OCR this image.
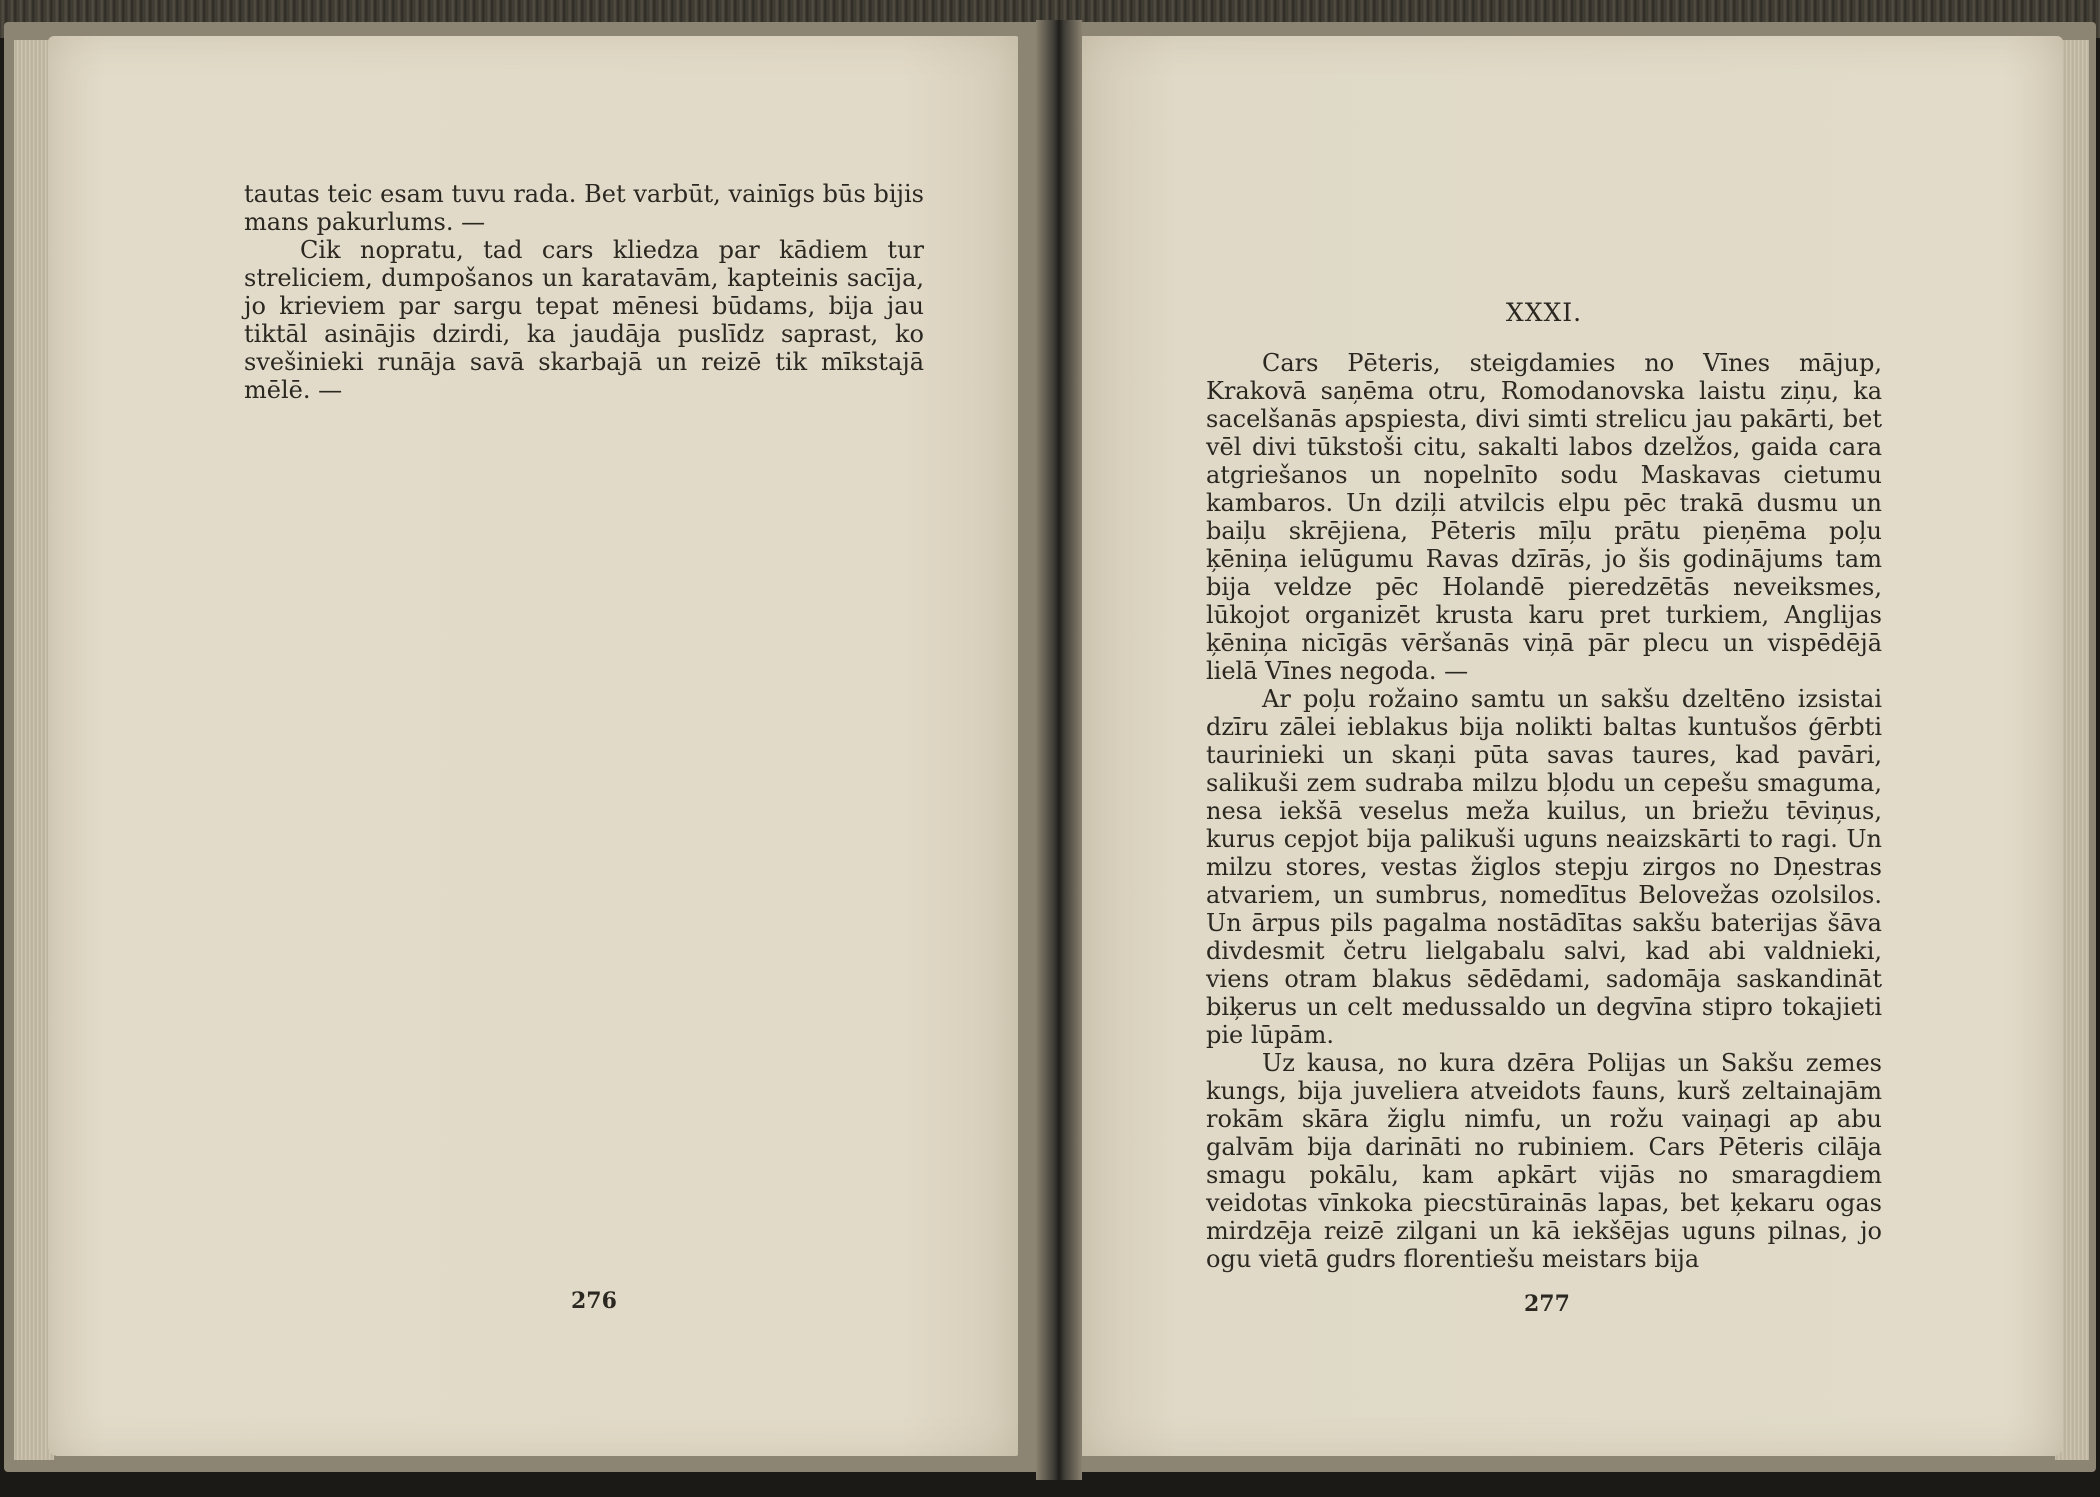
tautas teic esam tuvu rada. Bet varbūt, vainīgs būs bijis mans pakurlums. —

Cik nopratu, tad cars kliedza par kādiem tur streliciem, dumpošanos un karatavām, kapteinis sacīja, jo krieviem par sargu tepat mēnesi būdams, bija jau tiktāl asinājis dzirdi, ka jaudāja puslīdz saprast, ko svešinieki runāja savā skarbajā un reizē tik mīkstajā mēlē. —

276
XXXI.

Cars Pēteris, steigdamies no Vīnes mājup, Krakovā saņēma otru, Romodanovska laistu ziņu, ka sacelšanās apspiesta, divi simti strelicu jau pakārti, bet vēl divi tūkstoši citu, sakalti labos dzelžos, gaida cara atgriešanos un nopelnīto sodu Maskavas cietumu kambaros. Un dziļi atvilcis elpu pēc trakā dusmu un baiļu skrējiena, Pēteris mīļu prātu pieņēma poļu ķēniņa ielūgumu Ravas dzīrās, jo šis godinājums tam bija veldze pēc Holandē pieredzētās neveiksmes, lūkojot organizēt krusta karu pret turkiem, Anglijas ķēniņa nicīgās vēršanās viņā pār plecu un vispēdējā lielā Vīnes negoda. —

Ar poļu rožaino samtu un sakšu dzeltēno izsistai dzīru zālei ieblakus bija nolikti baltas kuntušos ģērbti taurinieki un skaņi pūta savas taures, kad pavāri, salikuši zem sudraba milzu bļodu un cepešu smaguma, nesa iekšā veselus meža kuilus, un briežu tēviņus, kurus cepjot bija palikuši uguns neaizskārti to ragi. Un milzu stores, vestas žiglos stepju zirgos no Dņestras atvariem, un sumbrus, nomedītus Belovežas ozolsilos. Un ārpus pils pagalma nostādītas sakšu baterijas šāva divdesmit četru lielgabalu salvi, kad abi valdnieki, viens otram blakus sēdēdami, sadomāja saskandināt biķerus un celt medussaldo un degvīna stipro tokajieti pie lūpām.

Uz kausa, no kura dzēra Polijas un Sakšu zemes kungs, bija juveliera atveidots fauns, kurš zeltainajām rokām skāra žiglu nimfu, un rožu vaiņagi ap abu galvām bija darināti no rubiniem. Cars Pēteris cilāja smagu pokālu, kam apkārt vijās no smaragdiem veidotas vīnkoka piecstūrainās lapas, bet ķekaru ogas mirdzēja reizē zilgani un kā iekšējas uguns pilnas, jo ogu vietā gudrs florentiešu meistars bija

277
